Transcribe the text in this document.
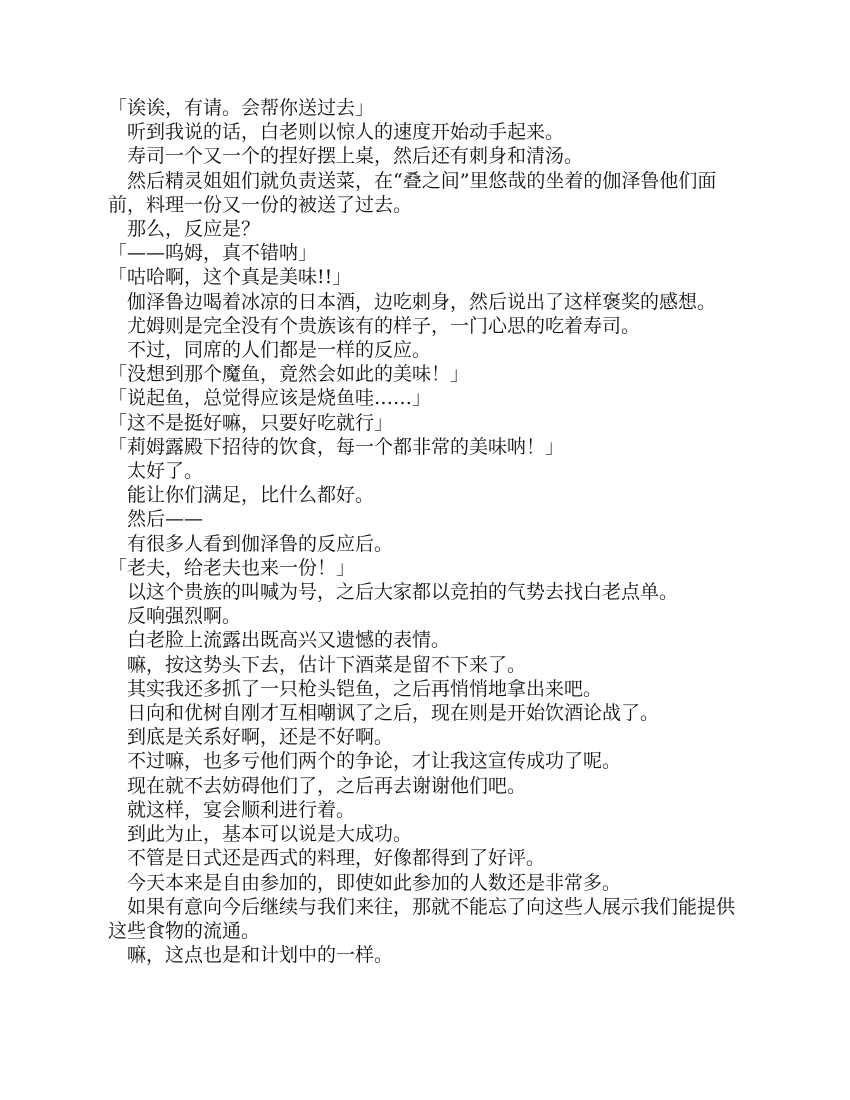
「诶诶，有请。会帮你送过去」

　听到我说的话，白老则以惊人的速度开始动手起来。

　寿司一个又一个的捏好摆上桌，然后还有刺身和清汤。

　然后精灵姐姐们就负责送菜，在“叠之间”里悠哉的坐着的伽泽鲁他们面前，料理一份又一份的被送了过去。

　那么，反应是？

「——呜姆，真不错呐」

「咕哈啊，这个真是美味!!」

　伽泽鲁边喝着冰凉的日本酒，边吃刺身，然后说出了这样褒奖的感想。

　尤姆则是完全没有个贵族该有的样子，一门心思的吃着寿司。

　不过，同席的人们都是一样的反应。

「没想到那个魔鱼，竟然会如此的美味！」

「说起鱼，总觉得应该是烧鱼哇……」

「这不是挺好嘛，只要好吃就行」

「莉姆露殿下招待的饮食，每一个都非常的美味呐！」

　太好了。

　能让你们满足，比什么都好。

　然后——

　有很多人看到伽泽鲁的反应后。

「老夫，给老夫也来一份！」

　以这个贵族的叫喊为号，之后大家都以竞拍的气势去找白老点单。

　反响强烈啊。

　白老脸上流露出既高兴又遗憾的表情。

　嘛，按这势头下去，估计下酒菜是留不下来了。

　其实我还多抓了一只枪头铠鱼，之后再悄悄地拿出来吧。

　日向和优树自刚才互相嘲讽了之后，现在则是开始饮酒论战了。

　到底是关系好啊，还是不好啊。

　不过嘛，也多亏他们两个的争论，才让我这宣传成功了呢。

　现在就不去妨碍他们了，之后再去谢谢他们吧。

　就这样，宴会顺利进行着。

　到此为止，基本可以说是大成功。

　不管是日式还是西式的料理，好像都得到了好评。

　今天本来是自由参加的，即使如此参加的人数还是非常多。

　如果有意向今后继续与我们来往，那就不能忘了向这些人展示我们能提供这些食物的流通。

　嘛，这点也是和计划中的一样。
